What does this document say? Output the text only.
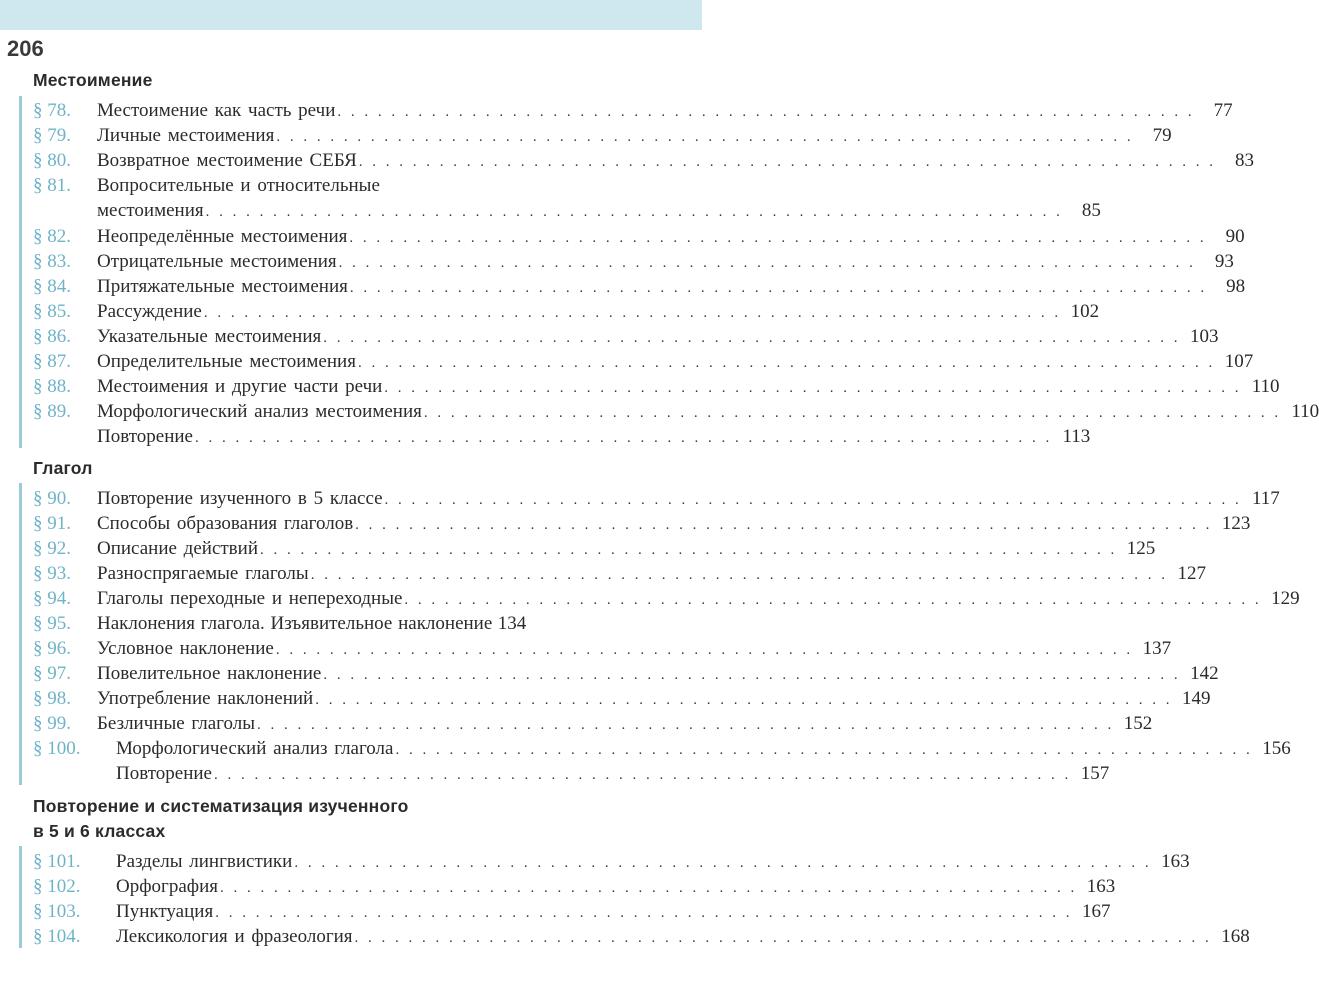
206
Местоимение
§ 78. Местоимение как часть речи . . . . . . . . . . . . . . . . . . . . . . . . . . . . . . . . . . . . . . . . . . . . . . . . . . . . . . . . . . . . . . . .	77
§ 79. Личные местоимения . . . . . . . . . . . . . . . . . . . . . . . . . . . . . . . . . . . . . . . . . . . . . . . . . . . . . . . . . . . . . . . .	79
§ 80. Возвратное местоимение СЕБЯ . . . . . . . . . . . . . . . . . . . . . . . . . . . . . . . . . . . . . . . . . . . . . . . . . . . . . . . . . . . . . . . .	83
§ 81. Вопросительные и относительные
местоимения . . . . . . . . . . . . . . . . . . . . . . . . . . . . . . . . . . . . . . . . . . . . . . . . . . . . . . . . . . . . . . . .	85
§ 82. Неопределённые местоимения . . . . . . . . . . . . . . . . . . . . . . . . . . . . . . . . . . . . . . . . . . . . . . . . . . . . . . . . . . . . . . . .	90
§ 83. Отрицательные местоимения . . . . . . . . . . . . . . . . . . . . . . . . . . . . . . . . . . . . . . . . . . . . . . . . . . . . . . . . . . . . . . . .	93
§ 84. Притяжательные местоимения . . . . . . . . . . . . . . . . . . . . . . . . . . . . . . . . . . . . . . . . . . . . . . . . . . . . . . . . . . . . . . . .	98
§ 85. Рассуждение . . . . . . . . . . . . . . . . . . . . . . . . . . . . . . . . . . . . . . . . . . . . . . . . . . . . . . . . . . . . . . . . 102
§ 86. Указательные местоимения . . . . . . . . . . . . . . . . . . . . . . . . . . . . . . . . . . . . . . . . . . . . . . . . . . . . . . . . . . . . . . . . 103
§ 87. Определительные местоимения . . . . . . . . . . . . . . . . . . . . . . . . . . . . . . . . . . . . . . . . . . . . . . . . . . . . . . . . . . . . . . . . 107
§ 88. Местоимения и другие части речи . . . . . . . . . . . . . . . . . . . . . . . . . . . . . . . . . . . . . . . . . . . . . . . . . . . . . . . . . . . . . . . . 110
§ 89. Морфологический анализ местоимения . . . . . . . . . . . . . . . . . . . . . . . . . . . . . . . . . . . . . . . . . . . . . . . . . . . . . . . . . . . . . . . . 110
Повторение . . . . . . . . . . . . . . . . . . . . . . . . . . . . . . . . . . . . . . . . . . . . . . . . . . . . . . . . . . . . . . . . 113
Глагол
§ 90. Повторение изученного в 5 классе . . . . . . . . . . . . . . . . . . . . . . . . . . . . . . . . . . . . . . . . . . . . . . . . . . . . . . . . . . . . . . . . 117
§ 91. Способы образования глаголов . . . . . . . . . . . . . . . . . . . . . . . . . . . . . . . . . . . . . . . . . . . . . . . . . . . . . . . . . . . . . . . . 123
§ 92. Описание действий . . . . . . . . . . . . . . . . . . . . . . . . . . . . . . . . . . . . . . . . . . . . . . . . . . . . . . . . . . . . . . . . 125
§ 93. Разноспрягаемые глаголы . . . . . . . . . . . . . . . . . . . . . . . . . . . . . . . . . . . . . . . . . . . . . . . . . . . . . . . . . . . . . . . . 127
§ 94. Глаголы переходные и непереходные . . . . . . . . . . . . . . . . . . . . . . . . . . . . . . . . . . . . . . . . . . . . . . . . . . . . . . . . . . . . . . . . 129
§ 95. Наклонения глагола. Изъявительное наклонение 134
§ 96. Условное наклонение . . . . . . . . . . . . . . . . . . . . . . . . . . . . . . . . . . . . . . . . . . . . . . . . . . . . . . . . . . . . . . . . 137
§ 97. Повелительное наклонение . . . . . . . . . . . . . . . . . . . . . . . . . . . . . . . . . . . . . . . . . . . . . . . . . . . . . . . . . . . . . . . . 142
§ 98. Употребление наклонений . . . . . . . . . . . . . . . . . . . . . . . . . . . . . . . . . . . . . . . . . . . . . . . . . . . . . . . . . . . . . . . . 149
§ 99. Безличные глаголы . . . . . . . . . . . . . . . . . . . . . . . . . . . . . . . . . . . . . . . . . . . . . . . . . . . . . . . . . . . . . . . . 152
§ 100. Морфологический анализ глагола . . . . . . . . . . . . . . . . . . . . . . . . . . . . . . . . . . . . . . . . . . . . . . . . . . . . . . . . . . . . . . . . 156
Повторение . . . . . . . . . . . . . . . . . . . . . . . . . . . . . . . . . . . . . . . . . . . . . . . . . . . . . . . . . . . . . . . . 157
Повторение и систематизация изученного
в 5 и 6 классах
§ 101. Разделы лингвистики . . . . . . . . . . . . . . . . . . . . . . . . . . . . . . . . . . . . . . . . . . . . . . . . . . . . . . . . . . . . . . . . 163
§ 102. Орфография . . . . . . . . . . . . . . . . . . . . . . . . . . . . . . . . . . . . . . . . . . . . . . . . . . . . . . . . . . . . . . . . 163
§ 103. Пунктуация . . . . . . . . . . . . . . . . . . . . . . . . . . . . . . . . . . . . . . . . . . . . . . . . . . . . . . . . . . . . . . . . 167
§ 104. Лексикология и фразеология . . . . . . . . . . . . . . . . . . . . . . . . . . . . . . . . . . . . . . . . . . . . . . . . . . . . . . . . . . . . . . . . 168
